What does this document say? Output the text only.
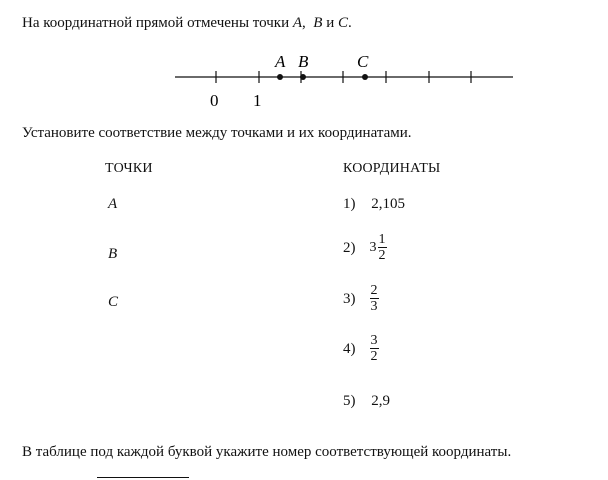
На координатной прямой отмечены точки A,  B и C.
A B	C
0 1
Установите соответствие между точками и их координатами.
ТОЧКИ	КООРДИНАТЫ
A
B
C
1) 2,105
2) $3 \frac{1}{2}$
$3) \frac{2}{3}$
$4) \frac{3}{2}$
5) 2,9
В таблице под каждой буквой укажите номер соответствующей координаты.
